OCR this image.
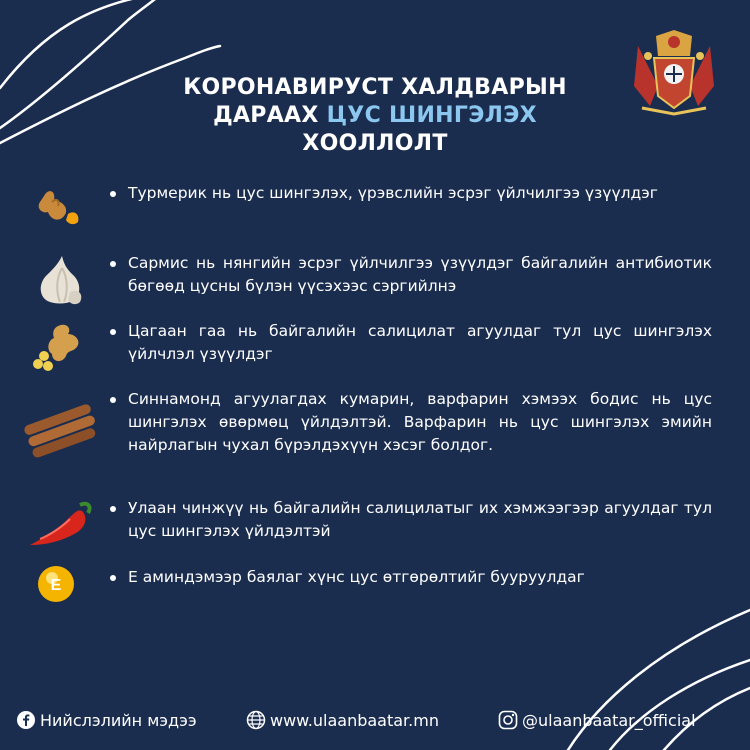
КОРОНАВИРУСТ ХАЛДВАРЫН
ДАРААХ ЦУС ШИНГЭЛЭХ
ХООЛЛОЛТ
Турмерик нь цус шингэлэх, үрэвслийн эсрэг үйлчилгээ үзүүлдэг
Сармис нь нянгийн эсрэг үйлчилгээ үзүүлдэг байгалийн антибиотик бөгөөд цусны бүлэн үүсэхээс сэргийлнэ
Цагаан гаа нь байгалийн салицилат агуулдаг тул цус шингэлэх үйлчлэл үзүүлдэг
Синнамонд агуулагдах кумарин, варфарин хэмээх бодис нь цус шингэлэх өвөрмөц үйлдэлтэй. Варфарин нь цус шингэлэх эмийн найрлагын чухал бүрэлдэхүүн хэсэг болдог.
Улаан чинжүү нь байгалийн салицилатыг их хэмжээгээр агуулдаг тул цус шингэлэх үйлдэлтэй
E	Е аминдэмээр баялаг хүнс цус өтгөрөлтийг бууруулдаг
Нийслэлийн мэдээ	www.ulaanbaatar.mn	@ulaanbaatar_official
